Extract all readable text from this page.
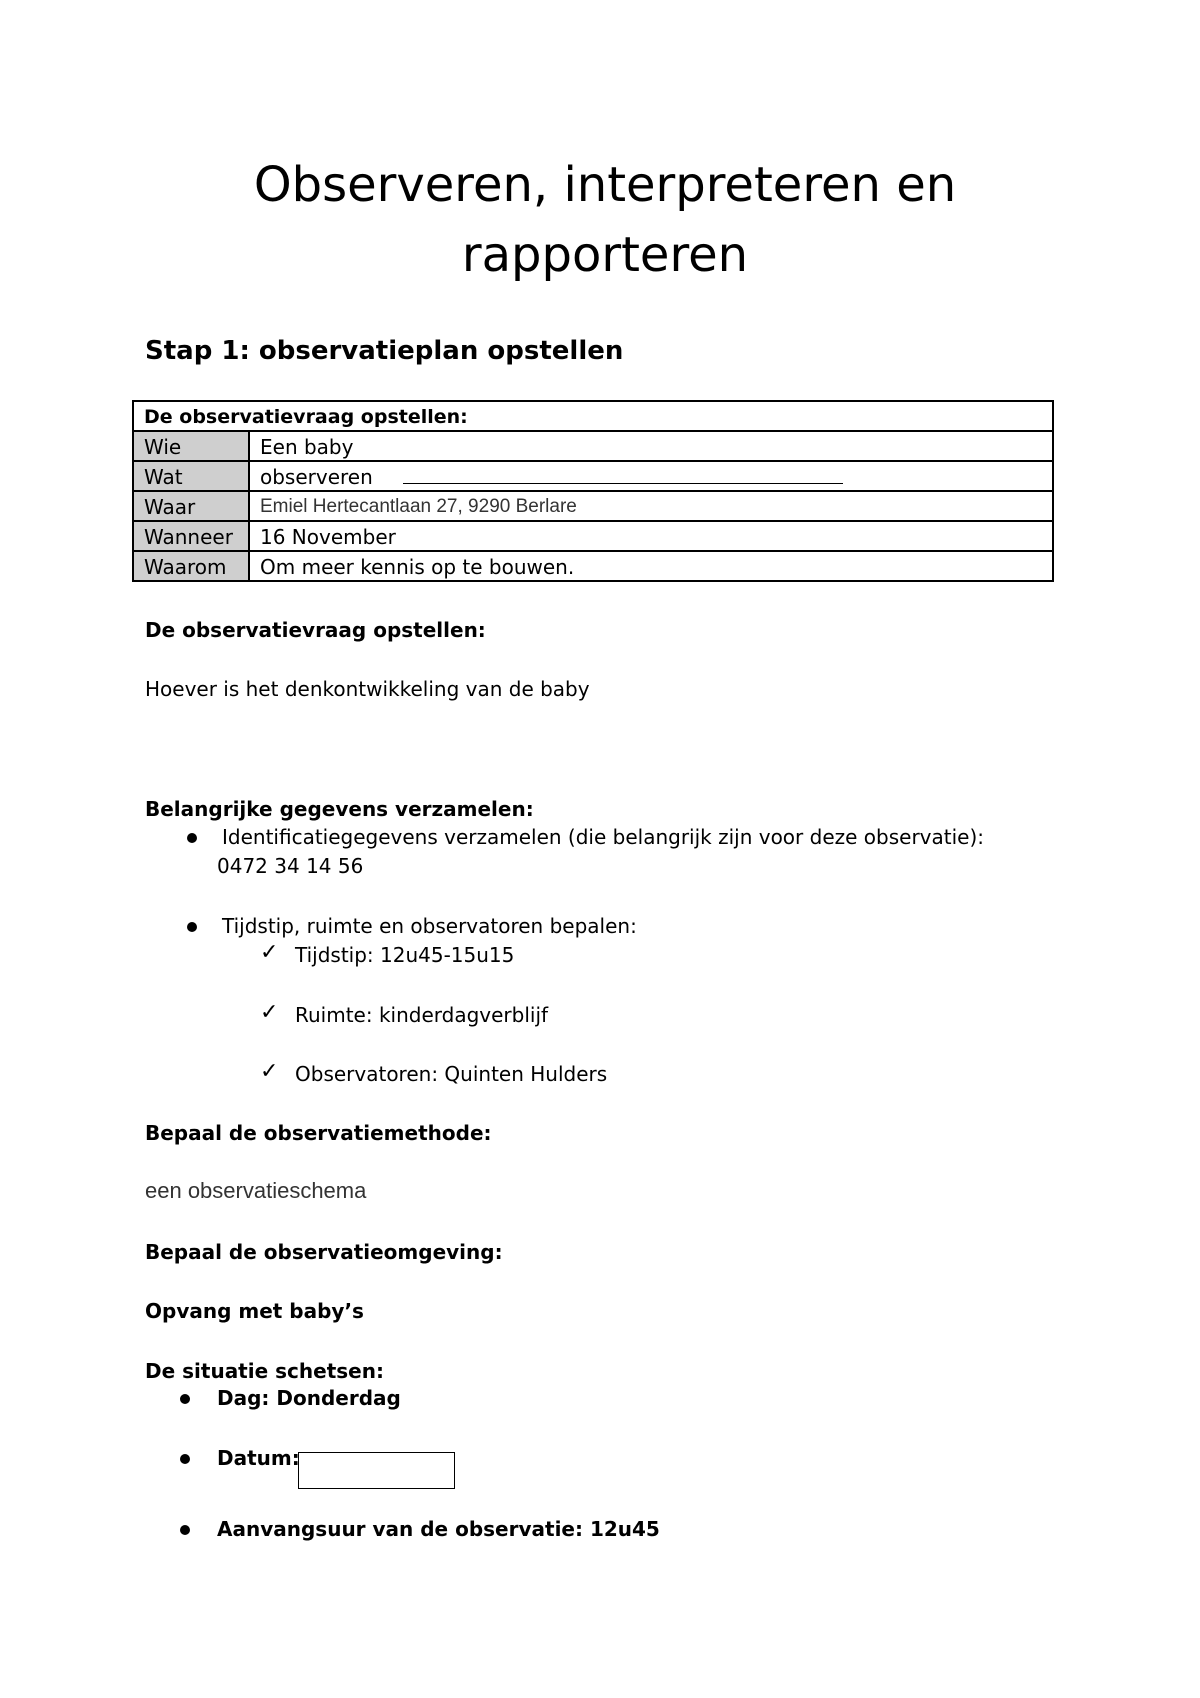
Observeren, interpreteren en
rapporteren
Stap 1: observatieplan opstellen
De observatievraag opstellen:	
Wie	Een baby
Wat	observeren
Waar	Emiel Hertecantlaan 27, 9290 Berlare
Wanneer	16 November
Waarom	Om meer kennis op te bouwen.
De observatievraag opstellen:
Hoever is het denkontwikkeling van de baby
Belangrijke gegevens verzamelen:
Identificatiegegevens verzamelen (die belangrijk zijn voor deze observatie):
0472 34 14 56
Tijdstip, ruimte en observatoren bepalen:
✓ Tijdstip: 12u45-15u15
✓ Ruimte: kinderdagverblijf
✓ Observatoren: Quinten Hulders
Bepaal de observatiemethode:
een observatieschema
Bepaal de observatieomgeving:
Opvang met baby’s
De situatie schetsen:
Dag: Donderdag
Datum:
Aanvangsuur van de observatie: 12u45
